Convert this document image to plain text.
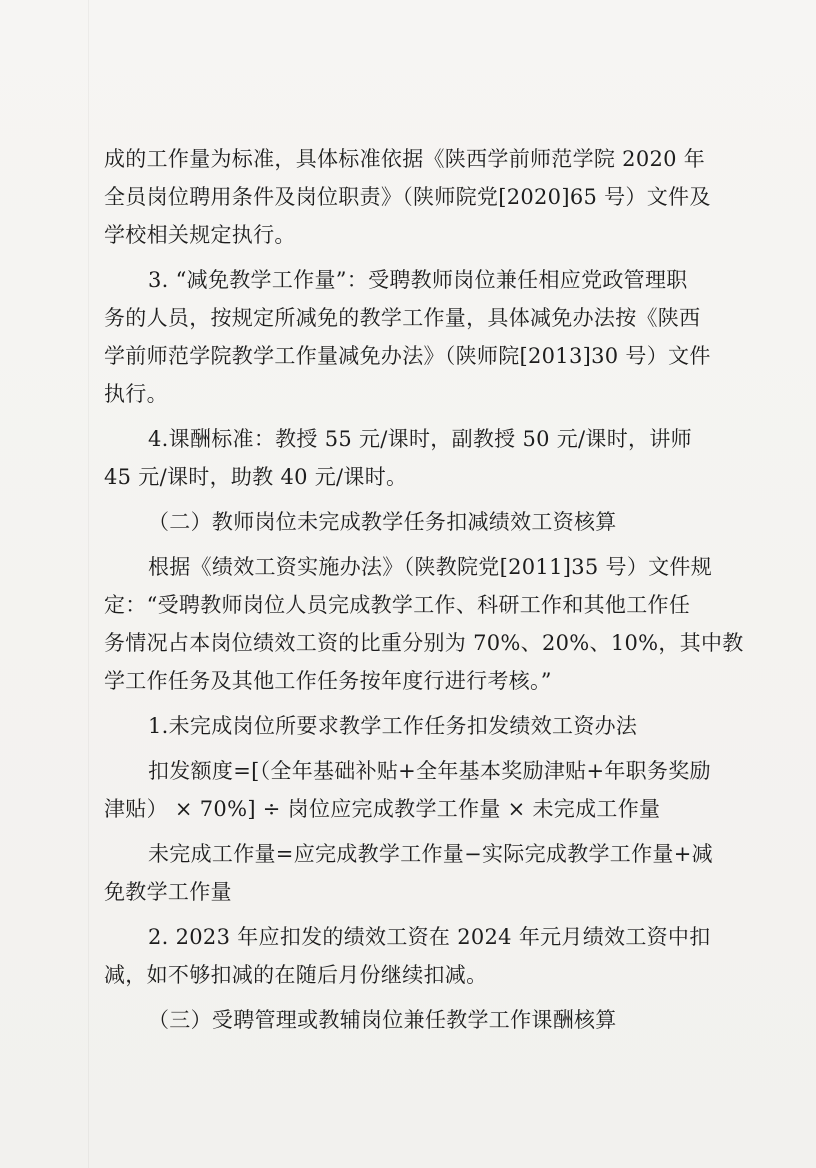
成的工作量为标准，具体标准依据《陕西学前师范学院 2020 年
全员岗位聘用条件及岗位职责》（陕师院党[2020]65 号）文件及
学校相关规定执行。
3. “减免教学工作量”：受聘教师岗位兼任相应党政管理职
务的人员，按规定所减免的教学工作量，具体减免办法按《陕西
学前师范学院教学工作量减免办法》（陕师院[2013]30 号）文件
执行。
4.课酬标准：教授 55 元/课时，副教授 50 元/课时，讲师
45 元/课时，助教 40 元/课时。
（二）教师岗位未完成教学任务扣减绩效工资核算
根据《绩效工资实施办法》（陕教院党[2011]35 号）文件规
定：“受聘教师岗位人员完成教学工作、科研工作和其他工作任
务情况占本岗位绩效工资的比重分别为 70%、20%、10%，其中教
学工作任务及其他工作任务按年度行进行考核。”
1.未完成岗位所要求教学工作任务扣发绩效工资办法
扣发额度=[（全年基础补贴+全年基本奖励津贴+年职务奖励
津贴） × 70%] ÷ 岗位应完成教学工作量 × 未完成工作量
未完成工作量=应完成教学工作量−实际完成教学工作量+减
免教学工作量
2. 2023 年应扣发的绩效工资在 2024 年元月绩效工资中扣
减，如不够扣减的在随后月份继续扣减。
（三）受聘管理或教辅岗位兼任教学工作课酬核算
